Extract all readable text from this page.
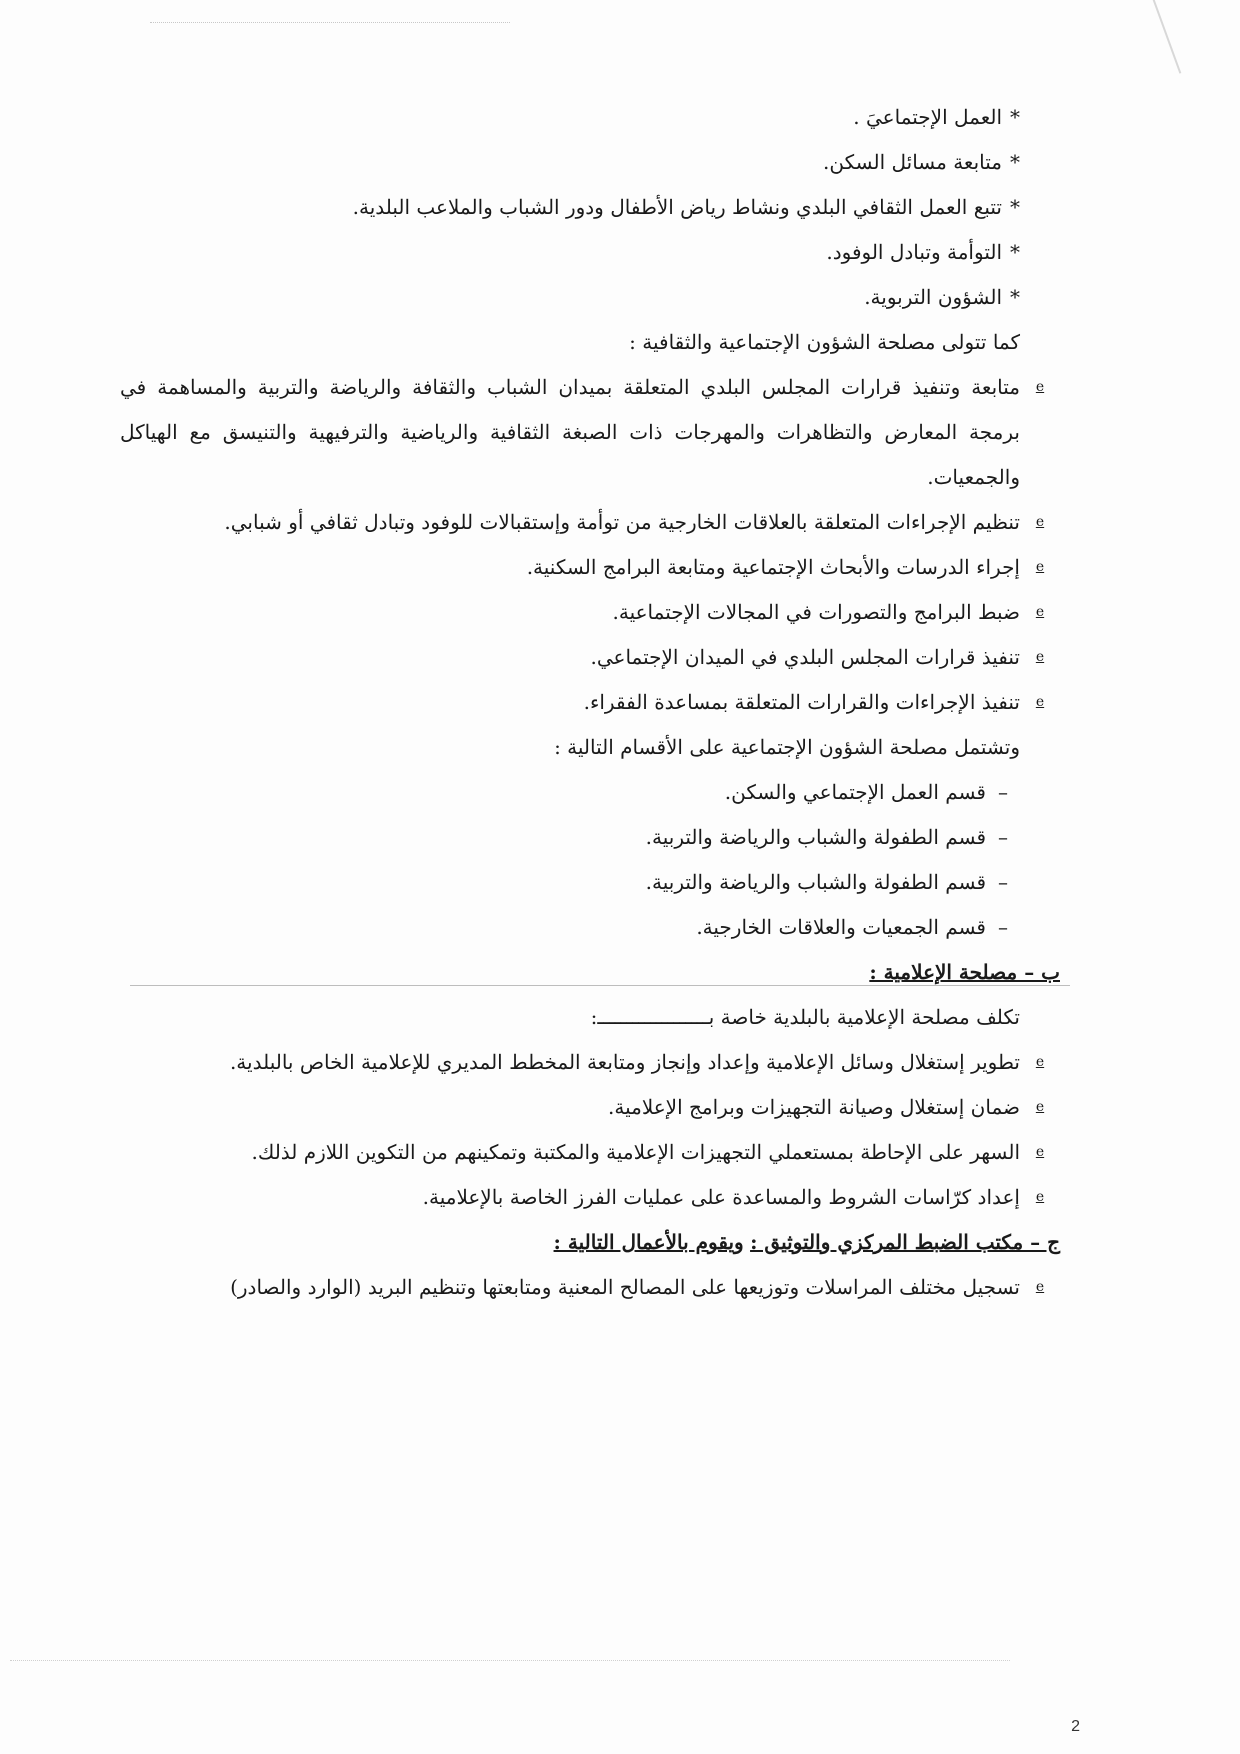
*العمل الإجتماعيَ .
*متابعة مسائل السكن.
*تتبع العمل الثقافي البلدي ونشاط رياض الأطفال ودور الشباب والملاعب البلدية.
*التوأمة وتبادل الوفود.
*الشؤون التربوية.
كما تتولى مصلحة الشؤون الإجتماعية والثقافية :
e
متابعة وتنفيذ قرارات المجلس البلدي المتعلقة بميدان الشباب والثقافة والرياضة والتربية والمساهمة في برمجة المعارض والتظاهرات والمهرجات ذات الصبغة الثقافية والرياضية والترفيهية والتنيسق مع الهياكل والجمعيات.
e
تنظيم الإجراءات المتعلقة بالعلاقات الخارجية من توأمة وإستقبالات للوفود وتبادل ثقافي أو شبابي.
e
إجراء الدرسات والأبحاث الإجتماعية ومتابعة البرامج السكنية.
e
ضبط البرامج والتصورات في المجالات الإجتماعية.
e
تنفيذ قرارات المجلس البلدي في الميدان الإجتماعي.
e
تنفيذ الإجراءات والقرارات المتعلقة بمساعدة الفقراء.
وتشتمل مصلحة الشؤون الإجتماعية على الأقسام التالية :
–قسم العمل الإجتماعي والسكن.
–قسم الطفولة والشباب والرياضة والتربية.
–قسم الطفولة والشباب والرياضة والتربية.
–قسم الجمعيات والعلاقات الخارجية.
ب – مصلحة الإعلامية :
تكلف مصلحة الإعلامية بالبلدية خاصة بـــــــــــــــــــ:
e
تطوير إستغلال وسائل الإعلامية وإعداد وإنجاز ومتابعة المخطط المديري للإعلامية الخاص بالبلدية.
e
ضمان إستغلال وصيانة التجهيزات وبرامج الإعلامية.
e
السهر على الإحاطة بمستعملي التجهيزات الإعلامية والمكتبة وتمكينهم من التكوين اللازم لذلك.
e
إعداد كرّاسات الشروط والمساعدة على عمليات الفرز الخاصة بالإعلامية.
ج – مكتب الضبط المركزي والتوثيق : ويقوم بالأعمال التالية :
e
تسجيل مختلف المراسلات وتوزيعها على المصالح المعنية ومتابعتها وتنظيم البريد (الوارد والصادر)
2
